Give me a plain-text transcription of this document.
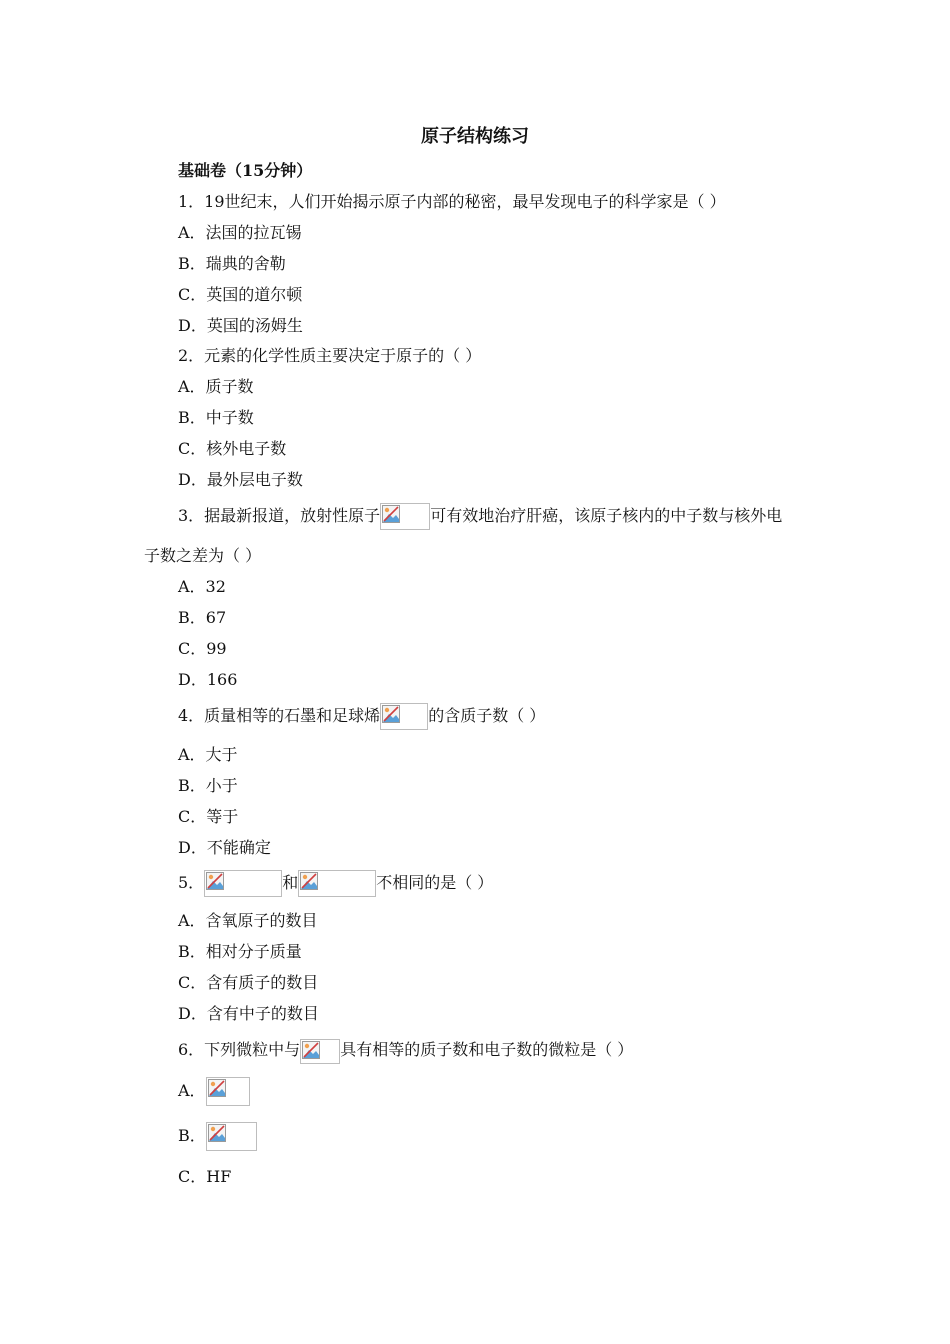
原子结构练习
基础卷（15分钟）
1．19世纪末，人们开始揭示原子内部的秘密，最早发现电子的科学家是（ ）
A．法国的拉瓦锡
B．瑞典的舍勒
C．英国的道尔顿
D．英国的汤姆生
2．元素的化学性质主要决定于原子的（ ）
A．质子数
B．中子数
C．核外电子数
D．最外层电子数
3．据最新报道，放射性原子	可有效地治疗肝癌，该原子核内的中子数与核外电
子数之差为（ ）
A．32
B．67
C．99
D．166
4．质量相等的石墨和足球烯	的含质子数（ ）
A．大于
B．小于
C．等于
D．不能确定
5．	和	不相同的是（ ）
A．含氧原子的数目
B．相对分子质量
C．含有质子的数目
D．含有中子的数目
6．下列微粒中与	具有相等的质子数和电子数的微粒是（ ）
A．
B．
C．HF
